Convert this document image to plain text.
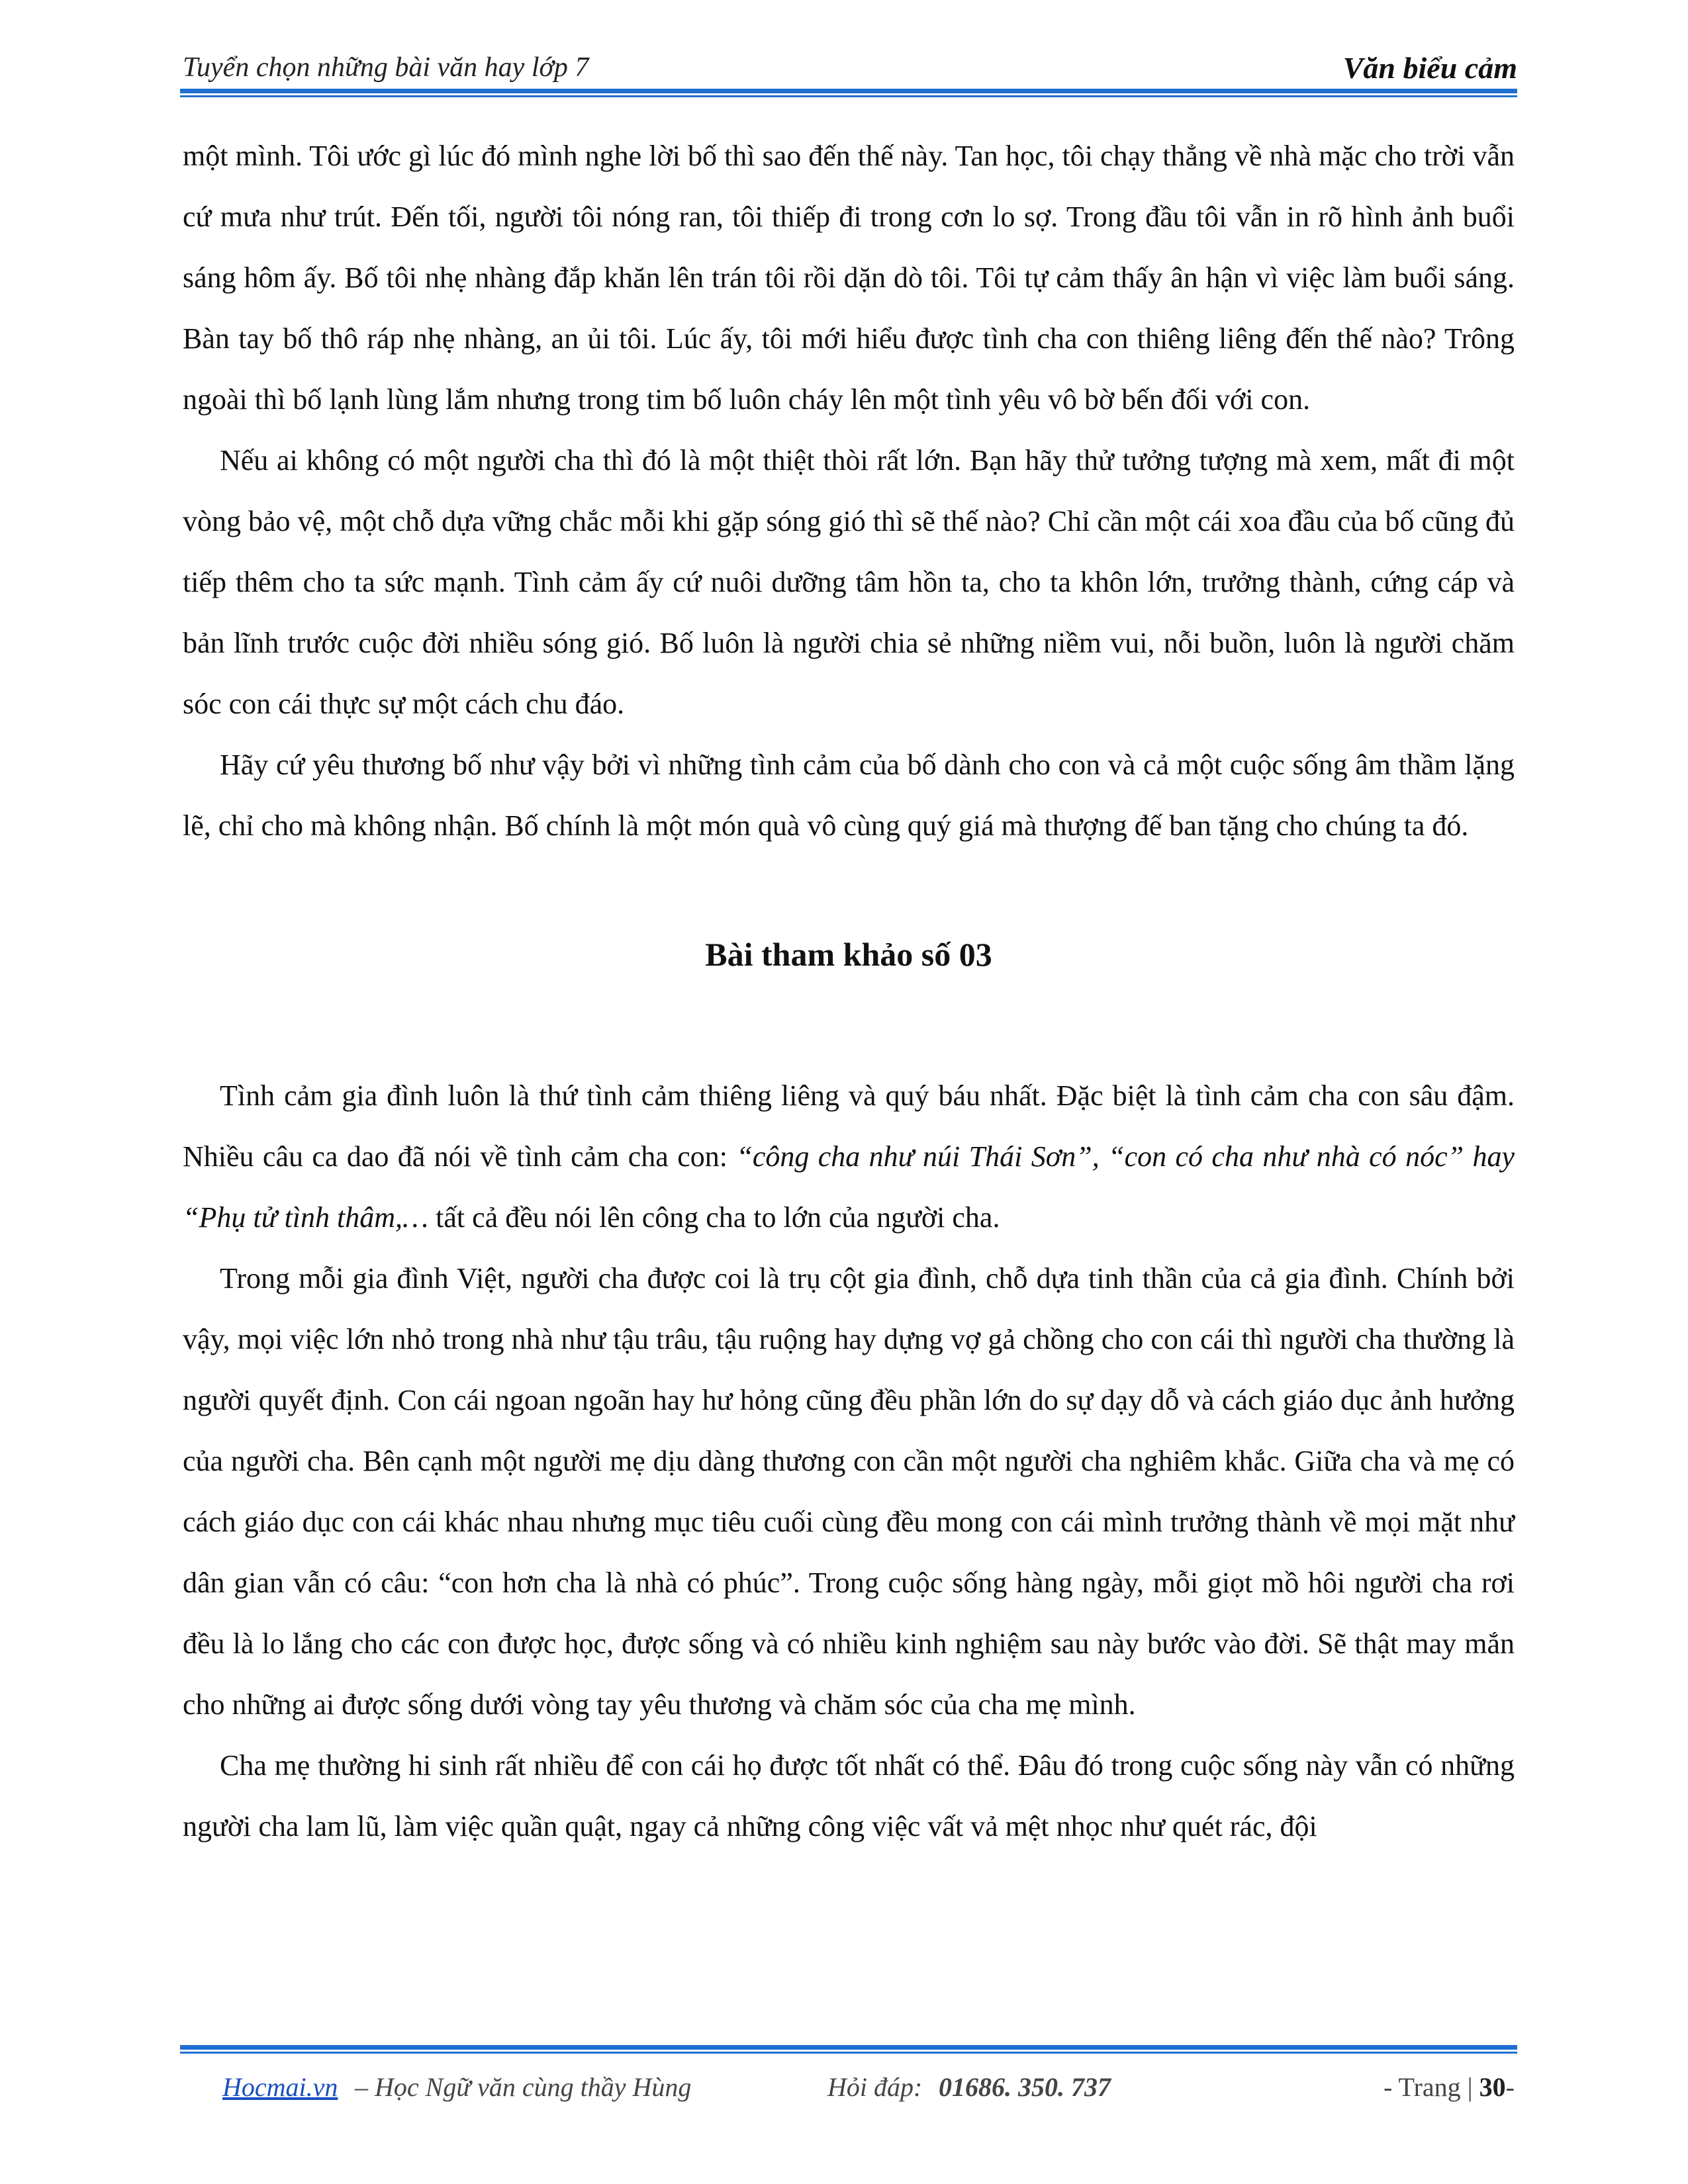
Tuyển chọn những bài văn hay lớp 7	Văn biểu cảm

một mình. Tôi ước gì lúc đó mình nghe lời bố thì sao đến thế này. Tan học, tôi chạy thẳng về nhà mặc cho trời vẫn cứ mưa như trút. Đến tối, người tôi nóng ran, tôi thiếp đi trong cơn lo sợ. Trong đầu tôi vẫn in rõ hình ảnh buổi sáng hôm ấy. Bố tôi nhẹ nhàng đắp khăn lên trán tôi rồi dặn dò tôi. Tôi tự cảm thấy ân hận vì việc làm buổi sáng. Bàn tay bố thô ráp nhẹ nhàng, an ủi tôi. Lúc ấy, tôi mới hiểu được tình cha con thiêng liêng đến thế nào? Trông ngoài thì bố lạnh lùng lắm nhưng trong tim bố luôn cháy lên một tình yêu vô bờ bến đối với con.

Nếu ai không có một người cha thì đó là một thiệt thòi rất lớn. Bạn hãy thử tưởng tượng mà xem, mất đi một vòng bảo vệ, một chỗ dựa vững chắc mỗi khi gặp sóng gió thì sẽ thế nào? Chỉ cần một cái xoa đầu của bố cũng đủ tiếp thêm cho ta sức mạnh. Tình cảm ấy cứ nuôi dưỡng tâm hồn ta, cho ta khôn lớn, trưởng thành, cứng cáp và bản lĩnh trước cuộc đời nhiều sóng gió. Bố luôn là người chia sẻ những niềm vui, nỗi buồn, luôn là người chăm sóc con cái thực sự một cách chu đáo.

Hãy cứ yêu thương bố như vậy bởi vì những tình cảm của bố dành cho con và cả một cuộc sống âm thầm lặng lẽ, chỉ cho mà không nhận. Bố chính là một món quà vô cùng quý giá mà thượng đế ban tặng cho chúng ta đó.

Bài tham khảo số 03

Tình cảm gia đình luôn là thứ tình cảm thiêng liêng và quý báu nhất. Đặc biệt là tình cảm cha con sâu đậm. Nhiều câu ca dao đã nói về tình cảm cha con: “công cha như núi Thái Sơn”, “con có cha như nhà có nóc” hay “Phụ tử tình thâm,… tất cả đều nói lên công cha to lớn của người cha.

Trong mỗi gia đình Việt, người cha được coi là trụ cột gia đình, chỗ dựa tinh thần của cả gia đình. Chính bởi vậy, mọi việc lớn nhỏ trong nhà như tậu trâu, tậu ruộng hay dựng vợ gả chồng cho con cái thì người cha thường là người quyết định. Con cái ngoan ngoãn hay hư hỏng cũng đều phần lớn do sự dạy dỗ và cách giáo dục ảnh hưởng của người cha. Bên cạnh một người mẹ dịu dàng thương con cần một người cha nghiêm khắc. Giữa cha và mẹ có cách giáo dục con cái khác nhau nhưng mục tiêu cuối cùng đều mong con cái mình trưởng thành về mọi mặt như dân gian vẫn có câu: “con hơn cha là nhà có phúc”. Trong cuộc sống hàng ngày, mỗi giọt mồ hôi người cha rơi đều là lo lắng cho các con được học, được sống và có nhiều kinh nghiệm sau này bước vào đời. Sẽ thật may mắn cho những ai được sống dưới vòng tay yêu thương và chăm sóc của cha mẹ mình.

Cha mẹ thường hi sinh rất nhiều để con cái họ được tốt nhất có thể. Đâu đó trong cuộc sống này vẫn có những người cha lam lũ, làm việc quần quật, ngay cả những công việc vất vả mệt nhọc như quét rác, đội

Hocmai.vn – Học Ngữ văn cùng thầy Hùng	Hỏi đáp: 01686. 350. 737	- Trang | 30-
